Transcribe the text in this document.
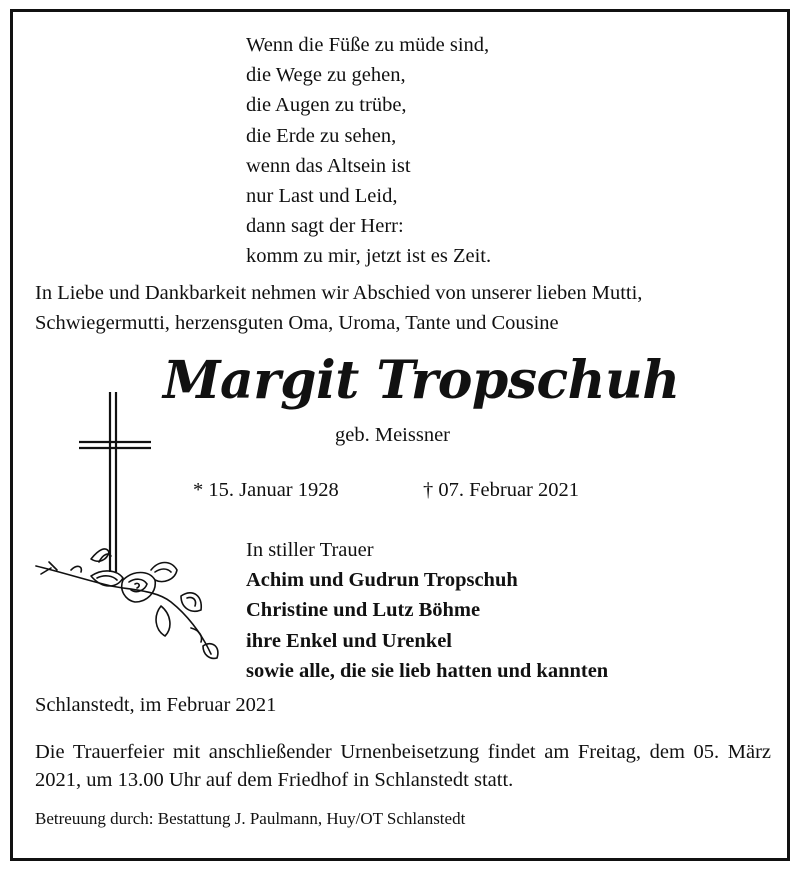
Wenn die Füße zu müde sind,
die Wege zu gehen,
die Augen zu trübe,
die Erde zu sehen,
wenn das Altsein ist
nur Last und Leid,
dann sagt der Herr:
komm zu mir, jetzt ist es Zeit.
In Liebe und Dankbarkeit nehmen wir Abschied von unserer lieben Mutti,
Schwiegermutti, herzensguten Oma, Uroma, Tante und Cousine
Margit Tropschuh
geb. Meissner
* 15. Januar 1928	† 07. Februar 2021
In stiller Trauer
Achim und Gudrun Tropschuh
Christine und Lutz Böhme
ihre Enkel und Urenkel
sowie alle, die sie lieb hatten und kannten
Schlanstedt, im Februar 2021
Die Trauerfeier mit anschließender Urnenbeisetzung findet am Freitag, dem 05. März 2021, um 13.00 Uhr auf dem Friedhof in Schlanstedt statt.
Betreuung durch: Bestattung J. Paulmann, Huy/OT Schlanstedt
